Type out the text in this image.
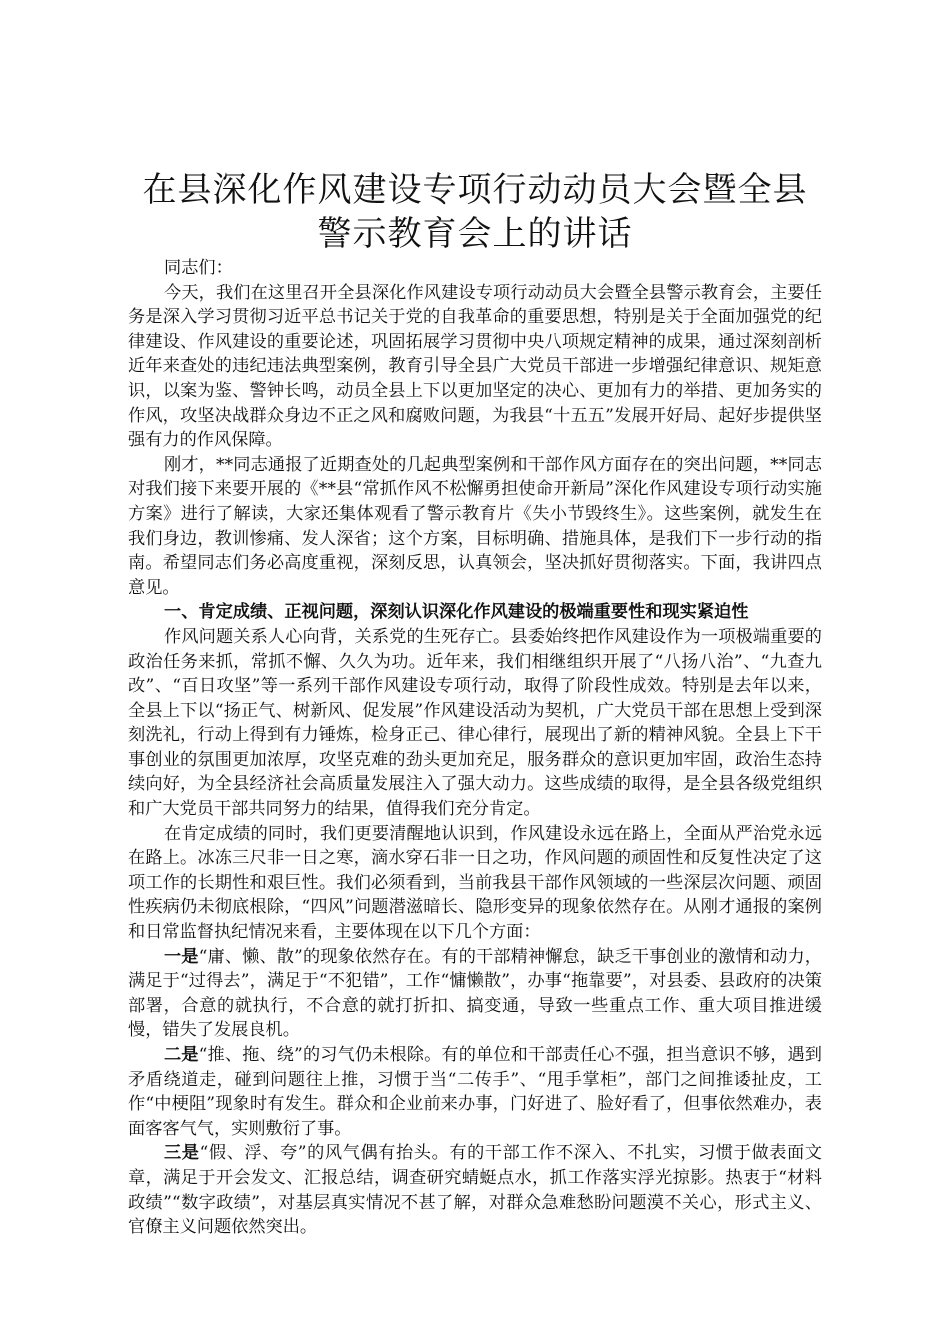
在县深化作风建设专项行动动员大会暨全县警示教育会上的讲话

同志们：

今天，我们在这里召开全县深化作风建设专项行动动员大会暨全县警示教育会，主要任务是深入学习贯彻习近平总书记关于党的自我革命的重要思想，特别是关于全面加强党的纪律建设、作风建设的重要论述，巩固拓展学习贯彻中央八项规定精神的成果，通过深刻剖析近年来查处的违纪违法典型案例，教育引导全县广大党员干部进一步增强纪律意识、规矩意识，以案为鉴、警钟长鸣，动员全县上下以更加坚定的决心、更加有力的举措、更加务实的作风，攻坚决战群众身边不正之风和腐败问题，为我县“十五五”发展开好局、起好步提供坚强有力的作风保障。

刚才，**同志通报了近期查处的几起典型案例和干部作风方面存在的突出问题，**同志对我们接下来要开展的《**县“常抓作风不松懈勇担使命开新局”深化作风建设专项行动实施方案》进行了解读，大家还集体观看了警示教育片《失小节毁终生》。这些案例，就发生在我们身边，教训惨痛、发人深省；这个方案，目标明确、措施具体，是我们下一步行动的指南。希望同志们务必高度重视，深刻反思，认真领会，坚决抓好贯彻落实。下面，我讲四点意见。

一、肯定成绩、正视问题，深刻认识深化作风建设的极端重要性和现实紧迫性

作风问题关系人心向背，关系党的生死存亡。县委始终把作风建设作为一项极端重要的政治任务来抓，常抓不懈、久久为功。近年来，我们相继组织开展了“八扬八治”、“九查九改”、“百日攻坚”等一系列干部作风建设专项行动，取得了阶段性成效。特别是去年以来，全县上下以“扬正气、树新风、促发展”作风建设活动为契机，广大党员干部在思想上受到深刻洗礼，行动上得到有力锤炼，检身正己、律心律行，展现出了新的精神风貌。全县上下干事创业的氛围更加浓厚，攻坚克难的劲头更加充足，服务群众的意识更加牢固，政治生态持续向好，为全县经济社会高质量发展注入了强大动力。这些成绩的取得，是全县各级党组织和广大党员干部共同努力的结果，值得我们充分肯定。

在肯定成绩的同时，我们更要清醒地认识到，作风建设永远在路上，全面从严治党永远在路上。冰冻三尺非一日之寒，滴水穿石非一日之功，作风问题的顽固性和反复性决定了这项工作的长期性和艰巨性。我们必须看到，当前我县干部作风领域的一些深层次问题、顽固性疾病仍未彻底根除，“四风”问题潜滋暗长、隐形变异的现象依然存在。从刚才通报的案例和日常监督执纪情况来看，主要体现在以下几个方面：

一是“庸、懒、散”的现象依然存在。有的干部精神懈怠，缺乏干事创业的激情和动力，满足于“过得去”，满足于“不犯错”，工作“慵懒散”，办事“拖靠要”，对县委、县政府的决策部署，合意的就执行，不合意的就打折扣、搞变通，导致一些重点工作、重大项目推进缓慢，错失了发展良机。

二是“推、拖、绕”的习气仍未根除。有的单位和干部责任心不强，担当意识不够，遇到矛盾绕道走，碰到问题往上推，习惯于当“二传手”、“甩手掌柜”，部门之间推诿扯皮，工作“中梗阻”现象时有发生。群众和企业前来办事，门好进了、脸好看了，但事依然难办，表面客客气气，实则敷衍了事。

三是“假、浮、夸”的风气偶有抬头。有的干部工作不深入、不扎实，习惯于做表面文章，满足于开会发文、汇报总结，调查研究蜻蜓点水，抓工作落实浮光掠影。热衷于“材料政绩”“数字政绩”，对基层真实情况不甚了解，对群众急难愁盼问题漠不关心，形式主义、官僚主义问题依然突出。
